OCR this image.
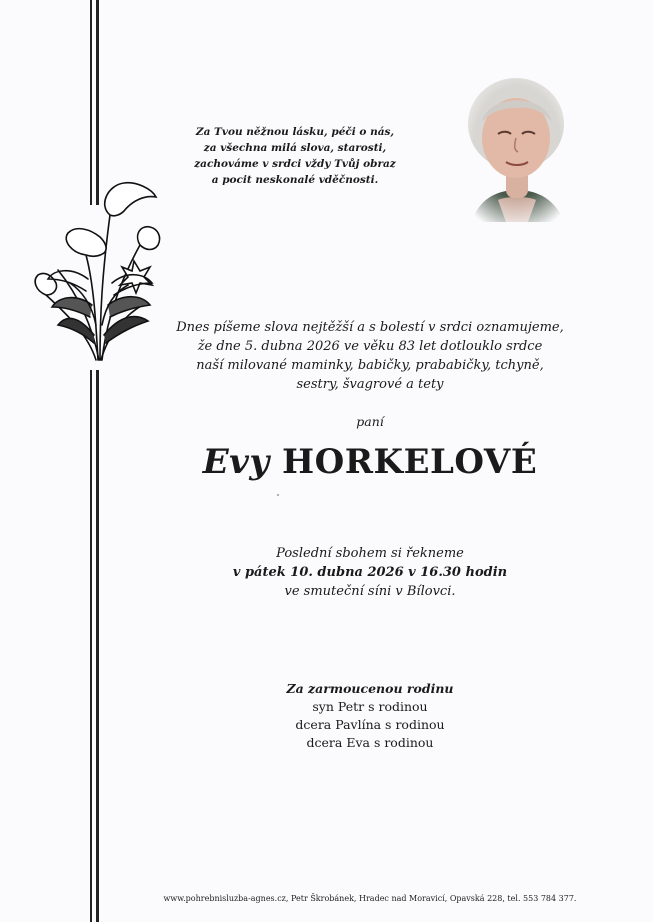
Za Tvou něžnou lásku, péči o nás,
za všechna milá slova, starosti,
zachováme v srdci vždy Tvůj obraz
a pocit neskonalé vděčnosti.
Dnes píšeme slova nejtěžší a s bolestí v srdci oznamujeme,
že dne 5. dubna 2026 ve věku 83 let dotlouklo srdce
naší milované maminky, babičky, prababičky, tchyně,
sestry, švagrové a tety
paní
Evy HORKELOVÉ
Poslední sbohem si řekneme
v pátek 10. dubna 2026 v 16.30 hodin
ve smuteční síni v Bílovci.
Za zarmoucenou rodinu
syn Petr s rodinou
dcera Pavlína s rodinou
dcera Eva s rodinou
www.pohrebnisluzba-agnes.cz, Petr Škrobánek, Hradec nad Moravicí, Opavská 228, tel. 553 784 377.
